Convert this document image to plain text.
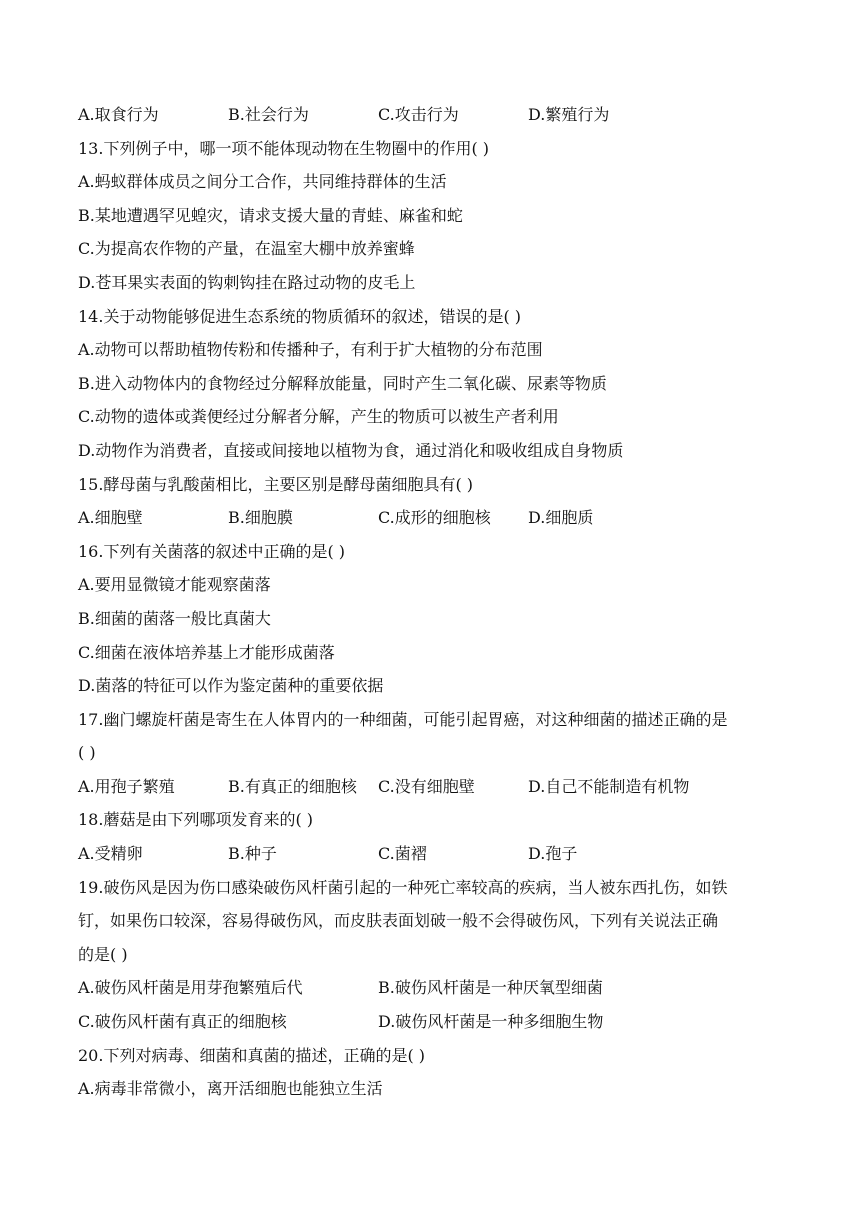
A.取食行为	B.社会行为	C.攻击行为	D.繁殖行为
13.下列例子中，哪一项不能体现动物在生物圈中的作用( )
A.蚂蚁群体成员之间分工合作，共同维持群体的生活
B.某地遭遇罕见蝗灾，请求支援大量的青蛙、麻雀和蛇
C.为提高农作物的产量，在温室大棚中放养蜜蜂
D.苍耳果实表面的钩刺钩挂在路过动物的皮毛上
14.关于动物能够促进生态系统的物质循环的叙述，错误的是( )
A.动物可以帮助植物传粉和传播种子，有利于扩大植物的分布范围
B.进入动物体内的食物经过分解释放能量，同时产生二氧化碳、尿素等物质
C.动物的遗体或粪便经过分解者分解，产生的物质可以被生产者利用
D.动物作为消费者，直接或间接地以植物为食，通过消化和吸收组成自身物质
15.酵母菌与乳酸菌相比，主要区别是酵母菌细胞具有( )
A.细胞壁	B.细胞膜	C.成形的细胞核	D.细胞质
16.下列有关菌落的叙述中正确的是( )
A.要用显微镜才能观察菌落
B.细菌的菌落一般比真菌大
C.细菌在液体培养基上才能形成菌落
D.菌落的特征可以作为鉴定菌种的重要依据
17.幽门螺旋杆菌是寄生在人体胃内的一种细菌，可能引起胃癌，对这种细菌的描述正确的是
( )
A.用孢子繁殖	B.有真正的细胞核	C.没有细胞壁	D.自己不能制造有机物
18.蘑菇是由下列哪项发育来的( )
A.受精卵	B.种子	C.菌褶	D.孢子
19.破伤风是因为伤口感染破伤风杆菌引起的一种死亡率较高的疾病，当人被东西扎伤，如铁
钉，如果伤口较深，容易得破伤风，而皮肤表面划破一般不会得破伤风，下列有关说法正确
的是( )
A.破伤风杆菌是用芽孢繁殖后代	B.破伤风杆菌是一种厌氧型细菌
C.破伤风杆菌有真正的细胞核	D.破伤风杆菌是一种多细胞生物
20.下列对病毒、细菌和真菌的描述，正确的是( )
A.病毒非常微小，离开活细胞也能独立生活
